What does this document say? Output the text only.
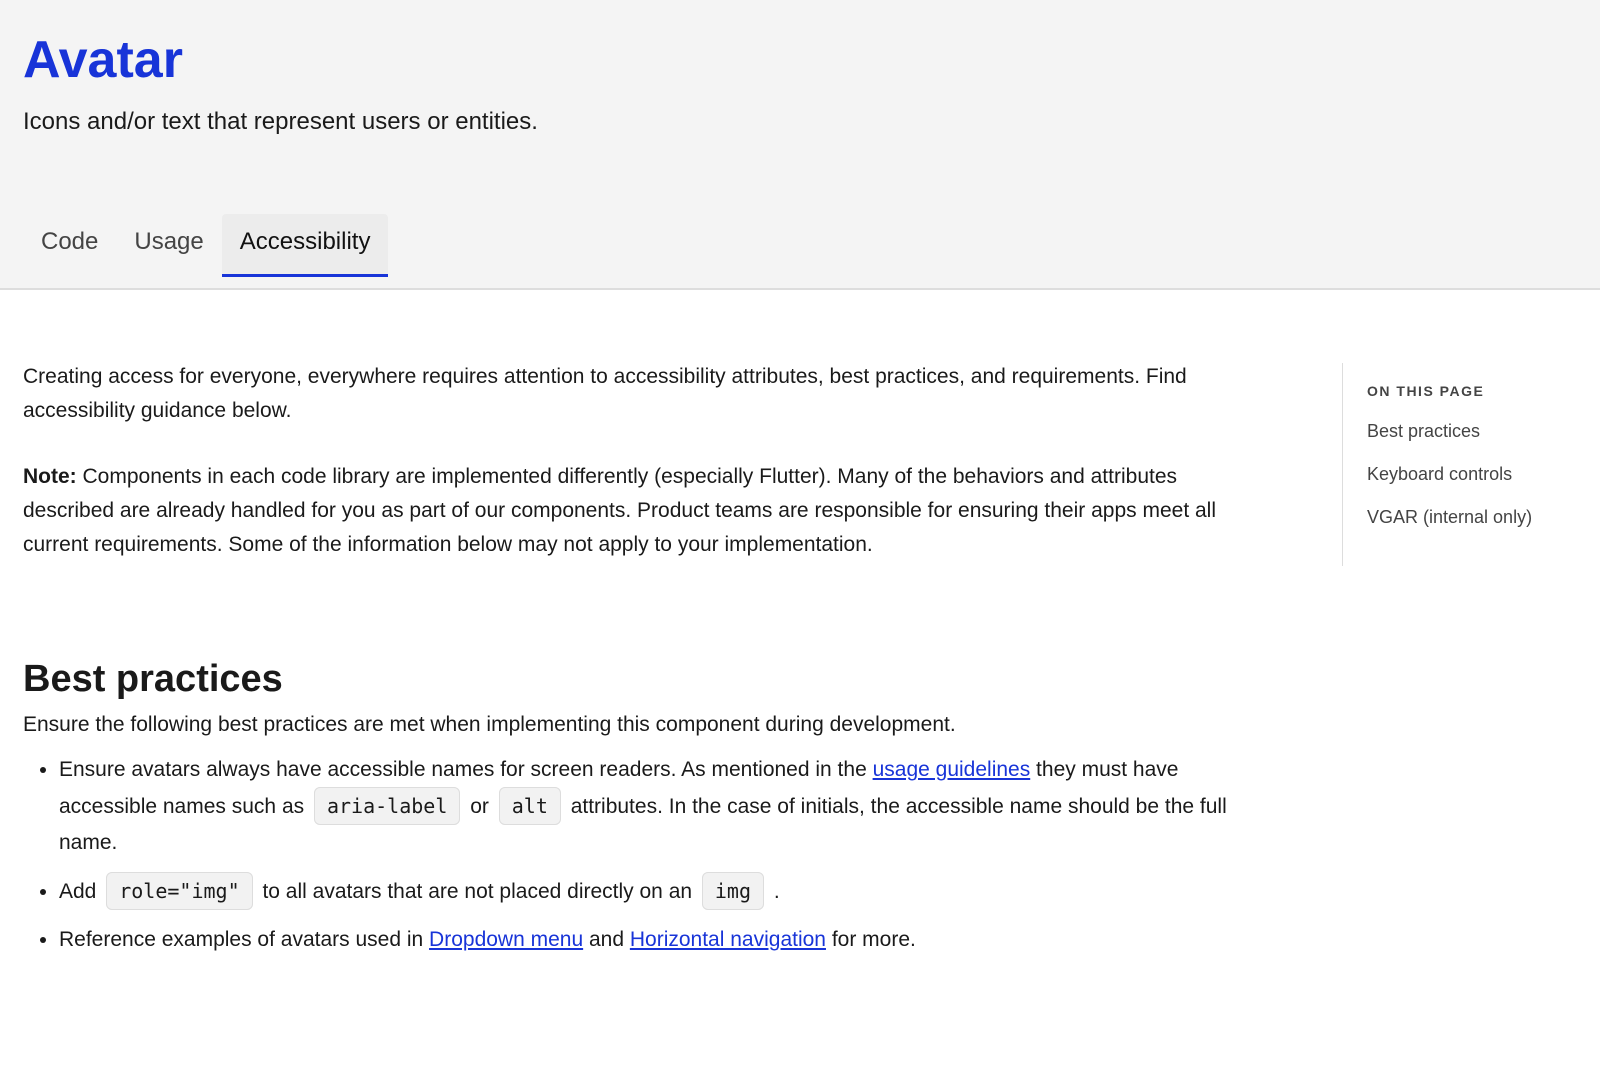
Avatar
Icons and/or text that represent users or entities.
Code	Usage	Accessibility

Creating access for everyone, everywhere requires attention to accessibility attributes, best practices, and requirements. Find accessibility guidance below.

Note: Components in each code library are implemented differently (especially Flutter). Many of the behaviors and attributes described are already handled for you as part of our components. Product teams are responsible for ensuring their apps meet all current requirements. Some of the information below may not apply to your implementation.

Best practices
Ensure the following best practices are met when implementing this component during development.
• Ensure avatars always have accessible names for screen readers. As mentioned in the usage guidelines they must have accessible names such as aria-label or alt attributes. In the case of initials, the accessible name should be the full name.
• Add role="img" to all avatars that are not placed directly on an img .
• Reference examples of avatars used in Dropdown menu and Horizontal navigation for more.
ON THIS PAGE
Best practices
Keyboard controls
VGAR (internal only)
